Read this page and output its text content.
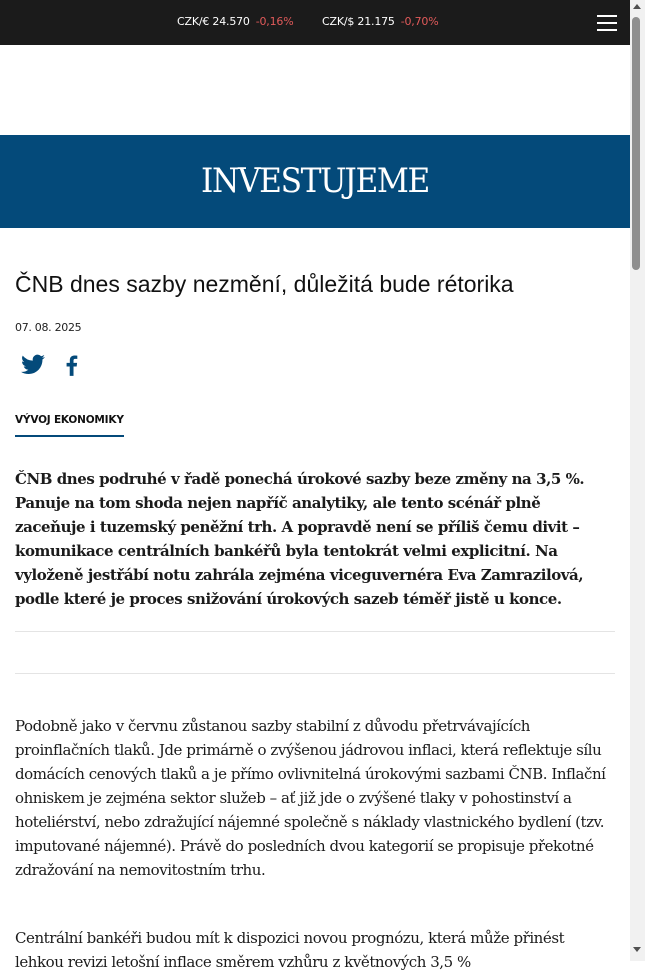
CZK/€ 24.570 -0,16%	CZK/$ 21.175 -0,70%
INVESTUJEME
ČNB dnes sazby nezmění, důležitá bude rétorika
07. 08. 2025
VÝVOJ EKONOMIKY

ČNB dnes podruhé v řadě ponechá úrokové sazby beze změny na 3,5 %. Panuje na tom shoda nejen napříč analytiky, ale tento scénář plně zaceňuje i tuzemský peněžní trh. A popravdě není se příliš čemu divit – komunikace centrálních bankéřů byla tentokrát velmi explicitní. Na vyloženě jestřábí notu zahrála zejména viceguvernéra Eva Zamrazilová, podle které je proces snižování úrokových sazeb téměř jistě u konce.

Podobně jako v červnu zůstanou sazby stabilní z důvodu přetrvávajících proinflačních tlaků. Jde primárně o zvýšenou jádrovou inflaci, která reflektuje sílu domácích cenových tlaků a je přímo ovlivnitelná úrokovými sazbami ČNB. Inflační ohniskem je zejména sektor služeb – ať již jde o zvýšené tlaky v pohostinství a hoteliérství, nebo zdražující nájemné společně s náklady vlastnického bydlení (tzv. imputované nájemné). Právě do posledních dvou kategorií se propisuje překotné zdražování na nemovitostním trhu.

Centrální bankéři budou mít k dispozici novou prognózu, která může přinést lehkou revizi letošní inflace směrem vzhůru z květnových 3,5 %
